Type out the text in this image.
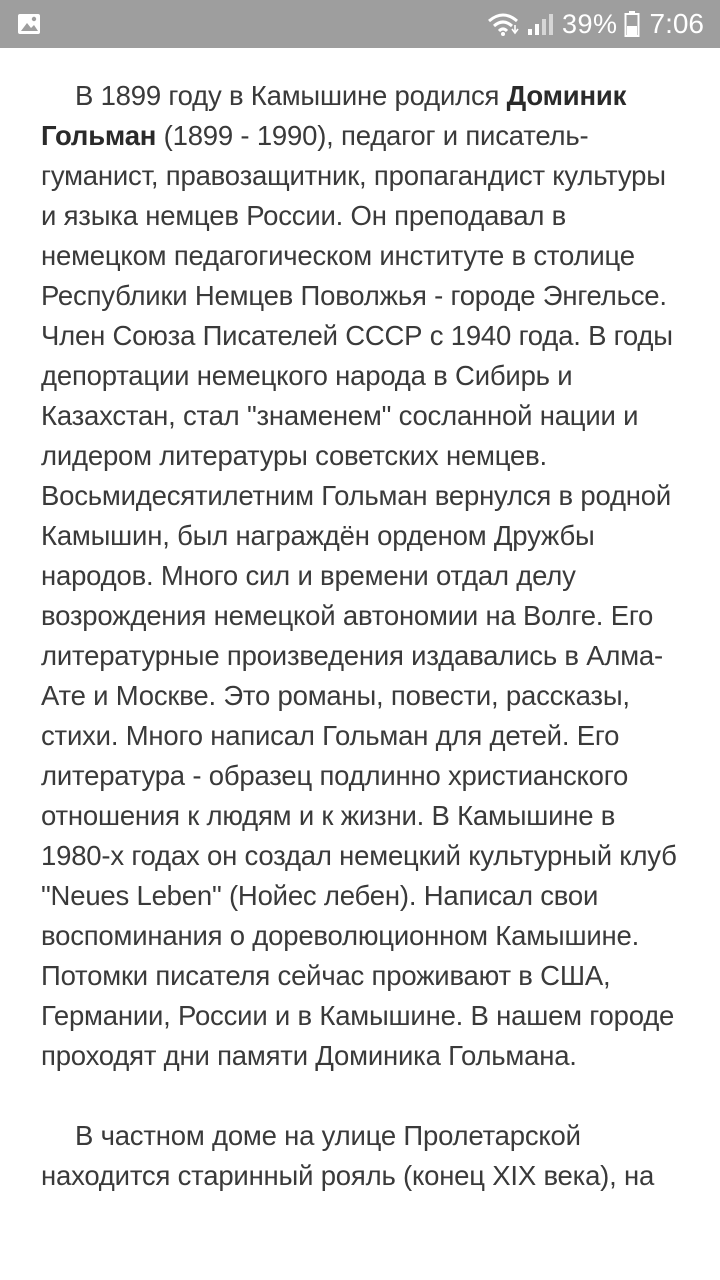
39% 7:06

В 1899 году в Камышине родился Доминик Гольман (1899 - 1990), педагог и писатель-гуманист, правозащитник, пропагандист культуры и языка немцев России. Он преподавал в немецком педагогическом институте в столице Республики Немцев Поволжья - городе Энгельсе. Член Союза Писателей СССР с 1940 года. В годы депортации немецкого народа в Сибирь и Казахстан, стал "знаменем" сосланной нации и лидером литературы советских немцев. Восьмидесятилетним Гольман вернулся в родной Камышин, был награждён орденом Дружбы народов. Много сил и времени отдал делу возрождения немецкой автономии на Волге. Его литературные произведения издавались в Алма-Ате и Москве. Это романы, повести, рассказы, стихи. Много написал Гольман для детей. Его литература - образец подлинно христианского отношения к людям и к жизни. В Камышине в 1980-х годах он создал немецкий культурный клуб "Neues Leben" (Нойес лебен). Написал свои воспоминания о дореволюционном Камышине. Потомки писателя сейчас проживают в США, Германии, России и в Камышине. В нашем городе проходят дни памяти Доминика Гольмана.

В частном доме на улице Пролетарской находится старинный рояль (конец XIX века), на
